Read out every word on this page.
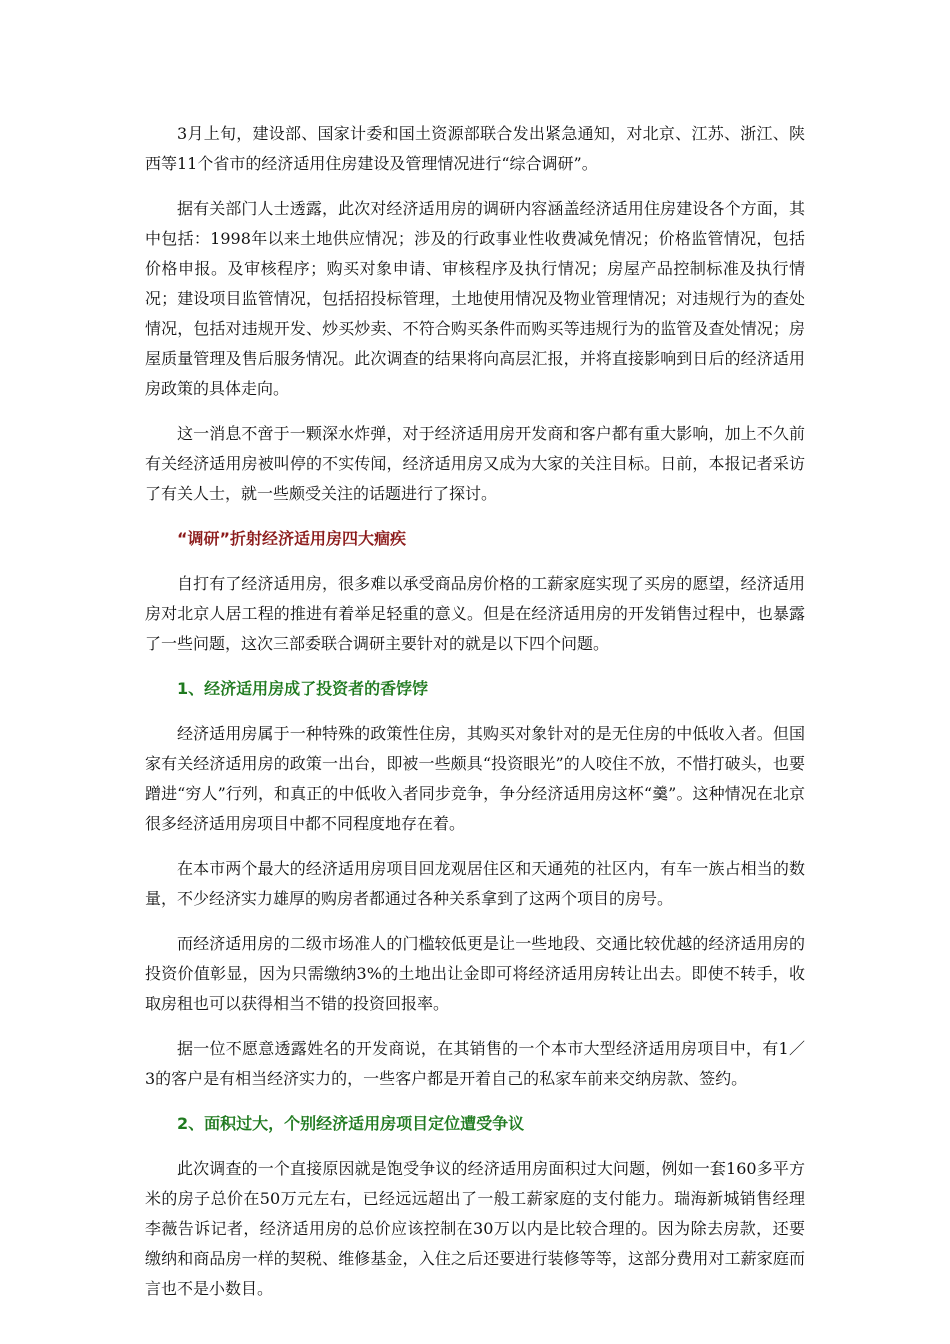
3月上旬，建设部、国家计委和国土资源部联合发出紧急通知，对北京、江苏、浙江、陕西等11个省市的经济适用住房建设及管理情况进行“综合调研”。

据有关部门人士透露，此次对经济适用房的调研内容涵盖经济适用住房建设各个方面，其中包括：1998年以来土地供应情况；涉及的行政事业性收费减免情况；价格监管情况，包括价格申报。及审核程序；购买对象申请、审核程序及执行情况；房屋产品控制标准及执行情况；建设项目监管情况，包括招投标管理，土地使用情况及物业管理情况；对违规行为的查处情况，包括对违规开发、炒买炒卖、不符合购买条件而购买等违规行为的监管及查处情况；房屋质量管理及售后服务情况。此次调查的结果将向高层汇报，并将直接影响到日后的经济适用房政策的具体走向。

这一消息不啻于一颗深水炸弹，对于经济适用房开发商和客户都有重大影响，加上不久前有关经济适用房被叫停的不实传闻，经济适用房又成为大家的关注目标。日前，本报记者采访了有关人士，就一些颇受关注的话题进行了探讨。

“调研”折射经济适用房四大痼疾

自打有了经济适用房，很多难以承受商品房价格的工薪家庭实现了买房的愿望，经济适用房对北京人居工程的推进有着举足轻重的意义。但是在经济适用房的开发销售过程中，也暴露了一些问题，这次三部委联合调研主要针对的就是以下四个问题。

1、经济适用房成了投资者的香饽饽

经济适用房属于一种特殊的政策性住房，其购买对象针对的是无住房的中低收入者。但国家有关经济适用房的政策一出台，即被一些颇具“投资眼光”的人咬住不放，不惜打破头，也要蹭进“穷人”行列，和真正的中低收入者同步竞争，争分经济适用房这杯“羹”。这种情况在北京很多经济适用房项目中都不同程度地存在着。

在本市两个最大的经济适用房项目回龙观居住区和天通苑的社区内，有车一族占相当的数量，不少经济实力雄厚的购房者都通过各种关系拿到了这两个项目的房号。

而经济适用房的二级市场准人的门槛较低更是让一些地段、交通比较优越的经济适用房的投资价值彰显，因为只需缴纳3%的土地出让金即可将经济适用房转让出去。即使不转手，收取房租也可以获得相当不错的投资回报率。

据一位不愿意透露姓名的开发商说，在其销售的一个本市大型经济适用房项目中，有1／3的客户是有相当经济实力的，一些客户都是开着自己的私家车前来交纳房款、签约。

2、面积过大，个别经济适用房项目定位遭受争议

此次调查的一个直接原因就是饱受争议的经济适用房面积过大问题，例如一套160多平方米的房子总价在50万元左右，已经远远超出了一般工薪家庭的支付能力。瑞海新城销售经理李薇告诉记者，经济适用房的总价应该控制在30万以内是比较合理的。因为除去房款，还要缴纳和商品房一样的契税、维修基金，入住之后还要进行装修等等，这部分费用对工薪家庭而言也不是小数目。
